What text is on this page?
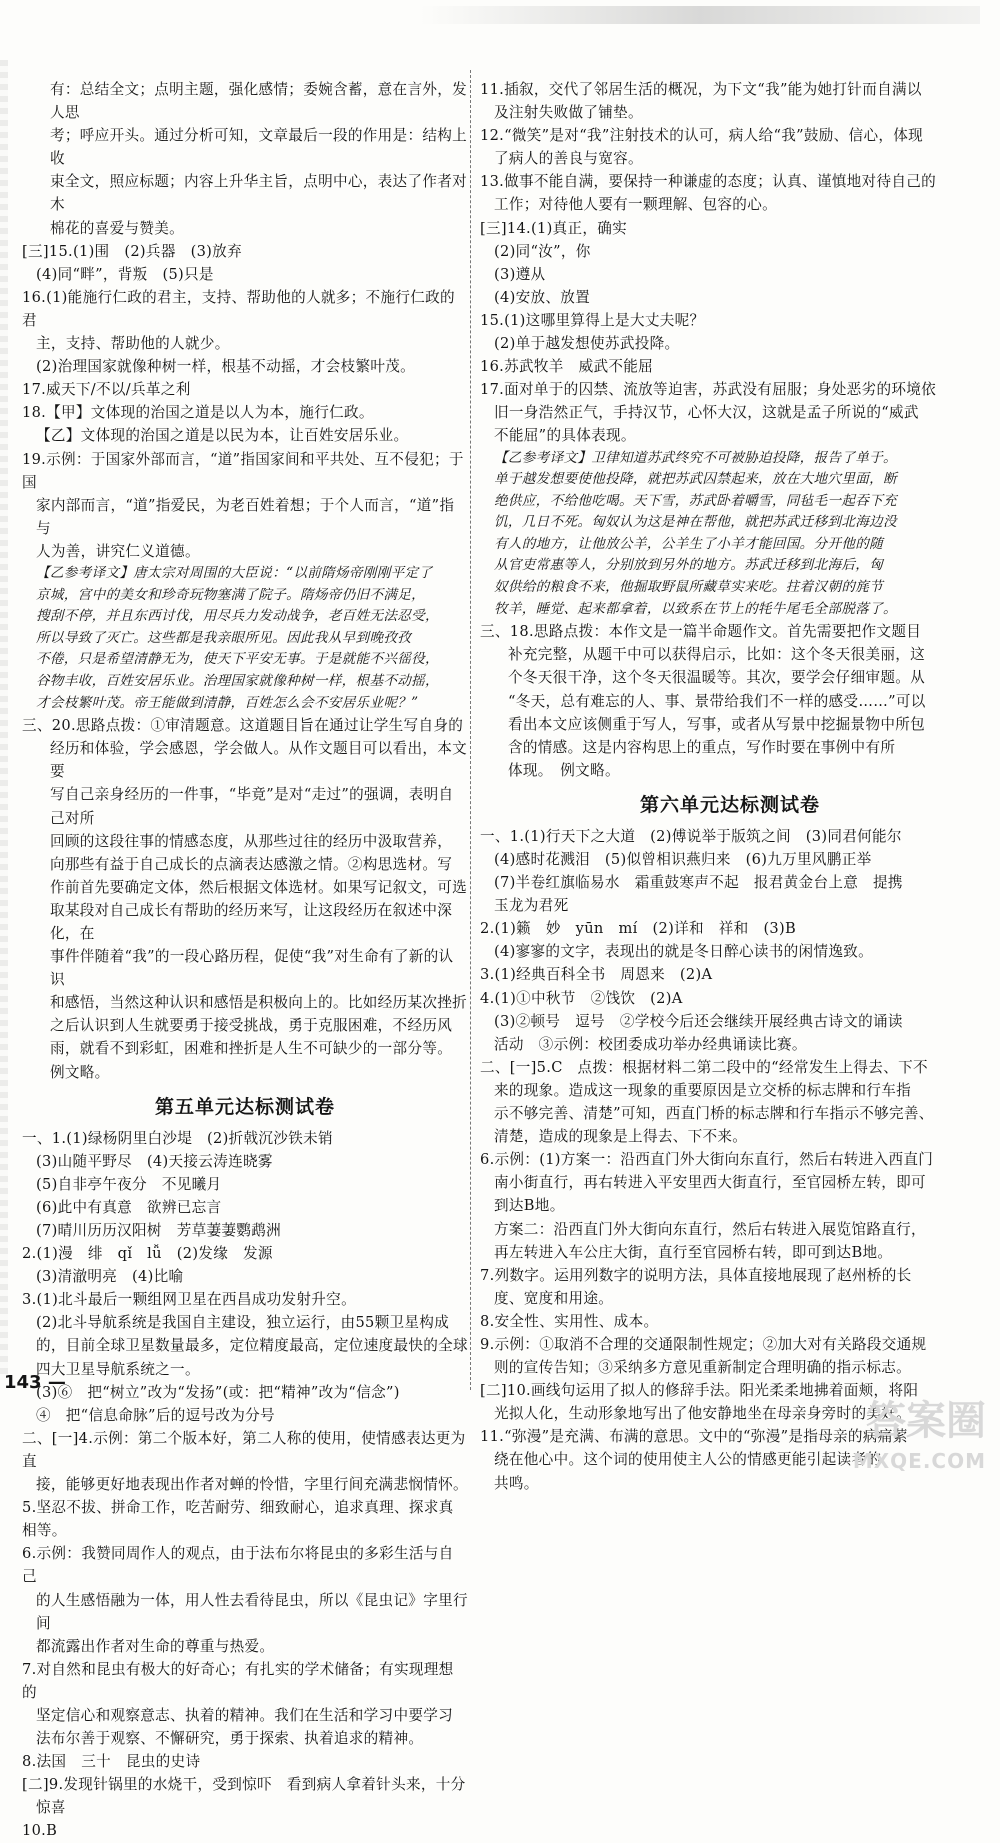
有：总结全文；点明主题，强化感情；委婉含蓄，意在言外，发人思
考；呼应开头。通过分析可知，文章最后一段的作用是：结构上收
束全文，照应标题；内容上升华主旨，点明中心，表达了作者对木
棉花的喜爱与赞美。
[三]15.(1)围　(2)兵器　(3)放弃
(4)同“畔”，背叛　(5)只是
16.(1)能施行仁政的君主，支持、帮助他的人就多；不施行仁政的君
主，支持、帮助他的人就少。
(2)治理国家就像种树一样，根基不动摇，才会枝繁叶茂。
17.威天下/不以/兵革之利
18.【甲】文体现的治国之道是以人为本，施行仁政。
【乙】文体现的治国之道是以民为本，让百姓安居乐业。
19.示例：于国家外部而言，“道”指国家间和平共处、互不侵犯；于国
家内部而言，“道”指爱民，为老百姓着想；于个人而言，“道”指与
人为善，讲究仁义道德。
【乙参考译文】唐太宗对周围的大臣说：“以前隋炀帝刚刚平定了
京城，宫中的美女和珍奇玩物塞满了院子。隋炀帝仍旧不满足，
搜刮不停，并且东西讨伐，用尽兵力发动战争，老百姓无法忍受，
所以导致了灭亡。这些都是我亲眼所见。因此我从早到晚孜孜
不倦，只是希望清静无为，使天下平安无事。于是就能不兴徭役，
谷物丰收，百姓安居乐业。治理国家就像种树一样，根基不动摇，
才会枝繁叶茂。帝王能做到清静，百姓怎么会不安居乐业呢？”
三、20.思路点拨：①审清题意。这道题目旨在通过让学生写自身的
经历和体验，学会感恩，学会做人。从作文题目可以看出，本文要
写自己亲身经历的一件事，“毕竟”是对“走过”的强调，表明自己对所
回顾的这段往事的情感态度，从那些过往的经历中汲取营养，
向那些有益于自己成长的点滴表达感激之情。②构思选材。写
作前首先要确定文体，然后根据文体选材。如果写记叙文，可选
取某段对自己成长有帮助的经历来写，让这段经历在叙述中深化，在
事件伴随着“我”的一段心路历程，促使“我”对生命有了新的认识
和感悟，当然这种认识和感悟是积极向上的。比如经历某次挫折
之后认识到人生就要勇于接受挑战，勇于克服困难，不经历风
雨，就看不到彩虹，困难和挫折是人生不可缺少的一部分等。
例文略。
第五单元达标测试卷
一、1.(1)绿杨阴里白沙堤　(2)折戟沉沙铁未销
(3)山随平野尽　(4)天接云涛连晓雾
(5)自非亭午夜分　不见曦月
(6)此中有真意　欲辨已忘言
(7)晴川历历汉阳树　芳草萋萋鹦鹉洲
2.(1)漫　绯　qǐ　lǚ　(2)发缘　发源
(3)清澈明亮　(4)比喻
3.(1)北斗最后一颗组网卫星在西昌成功发射升空。
(2)北斗导航系统是我国自主建设，独立运行，由55颗卫星构成
的，目前全球卫星数量最多，定位精度最高，定位速度最快的全球
四大卫星导航系统之一。
(3)⑥　把“树立”改为“发扬”(或：把“精神”改为“信念”)
④　把“信息命脉”后的逗号改为分号
二、[一]4.示例：第二个版本好，第二人称的使用，使情感表达更为直
接，能够更好地表现出作者对蝉的怜惜，字里行间充满悲悯情怀。
5.坚忍不拔、拼命工作，吃苦耐劳、细致耐心，追求真理、探求真相等。
6.示例：我赞同周作人的观点，由于法布尔将昆虫的多彩生活与自己
的人生感悟融为一体，用人性去看待昆虫，所以《昆虫记》字里行间
都流露出作者对生命的尊重与热爱。
7.对自然和昆虫有极大的好奇心；有扎实的学术储备；有实现理想的
坚定信心和观察意志、执着的精神。我们在生活和学习中要学习
法布尔善于观察、不懈研究，勇于探索、执着追求的精神。
8.法国　三十　昆虫的史诗
[二]9.发现针锅里的水烧干，受到惊吓　看到病人拿着针头来，十分
惊喜
10.B
11.插叙，交代了邻居生活的概况，为下文“我”能为她打针而自满以
及注射失败做了铺垫。
12.“微笑”是对“我”注射技术的认可，病人给“我”鼓励、信心，体现
了病人的善良与宽容。
13.做事不能自满，要保持一种谦虚的态度；认真、谨慎地对待自己的
工作；对待他人要有一颗理解、包容的心。
[三]14.(1)真正，确实
(2)同“汝”，你
(3)遵从
(4)安放、放置
15.(1)这哪里算得上是大丈夫呢？
(2)单于越发想使苏武投降。
16.苏武牧羊　威武不能屈
17.面对单于的囚禁、流放等迫害，苏武没有屈服；身处恶劣的环境依
旧一身浩然正气，手持汉节，心怀大汉，这就是孟子所说的“威武
不能屈”的具体表现。
【乙参考译文】卫律知道苏武终究不可被胁迫投降，报告了单于。
单于越发想要使他投降，就把苏武囚禁起来，放在大地穴里面，断
绝供应，不给他吃喝。天下雪，苏武卧着嚼雪，同毡毛一起吞下充
饥，几日不死。匈奴认为这是神在帮他，就把苏武迁移到北海边没
有人的地方，让他放公羊，公羊生了小羊才能回国。分开他的随
从官吏常惠等人，分别放到另外的地方。苏武迁移到北海后，匈
奴供给的粮食不来，他掘取野鼠所藏草实来吃。拄着汉朝的旄节
牧羊，睡觉、起来都拿着，以致系在节上的牦牛尾毛全部脱落了。
三、18.思路点拨：本作文是一篇半命题作文。首先需要把作文题目
补充完整，从题干中可以获得启示，比如：这个冬天很美丽，这
个冬天很干净，这个冬天很温暖等。其次，要学会仔细审题。从
“冬天，总有难忘的人、事、景带给我们不一样的感受……”可以
看出本文应该侧重于写人，写事，或者从写景中挖掘景物中所包
含的情感。这是内容构思上的重点，写作时要在事例中有所
体现。　例文略。
第六单元达标测试卷
一、1.(1)行天下之大道　(2)傅说举于版筑之间　(3)同君何能尔
(4)感时花溅泪　(5)似曾相识燕归来　(6)九万里风鹏正举
(7)半卷红旗临易水　霜重鼓寒声不起　报君黄金台上意　提携
玉龙为君死
2.(1)籁　妙　yūn　mí　(2)详和　祥和　(3)B
(4)寥寥的文字，表现出的就是冬日醉心读书的闲情逸致。
3.(1)经典百科全书　周恩来　(2)A
4.(1)①中秋节　②饯饮　(2)A
(3)②顿号　逗号　②学校今后还会继续开展经典古诗文的诵读
活动　③示例：校团委成功举办经典诵读比赛。
二、[一]5.C　点拨：根据材料二第二段中的“经常发生上得去、下不
来的现象。造成这一现象的重要原因是立交桥的标志牌和行车指
示不够完善、清楚”可知，西直门桥的标志牌和行车指示不够完善、
清楚，造成的现象是上得去、下不来。
6.示例：(1)方案一：沿西直门外大街向东直行，然后右转进入西直门
南小街直行，再右转进入平安里西大街直行，至官园桥左转，即可
到达B地。
方案二：沿西直门外大街向东直行，然后右转进入展览馆路直行，
再左转进入车公庄大街，直行至官园桥右转，即可到达B地。
7.列数字。运用列数字的说明方法，具体直接地展现了赵州桥的长
度、宽度和用途。
8.安全性、实用性、成本。
9.示例：①取消不合理的交通限制性规定；②加大对有关路段交通规
则的宣传告知；③采纳多方意见重新制定合理明确的指示标志。
[二]10.画线句运用了拟人的修辞手法。阳光柔柔地拂着面颊，将阳
光拟人化，生动形象地写出了他安静地坐在母亲身旁时的美好。
11.“弥漫”是充满、布满的意思。文中的“弥漫”是指母亲的病痛萦
绕在他心中。这个词的使用使主人公的情感更能引起读者的
共鸣。
143 —
答案圈
MXQE.COM
